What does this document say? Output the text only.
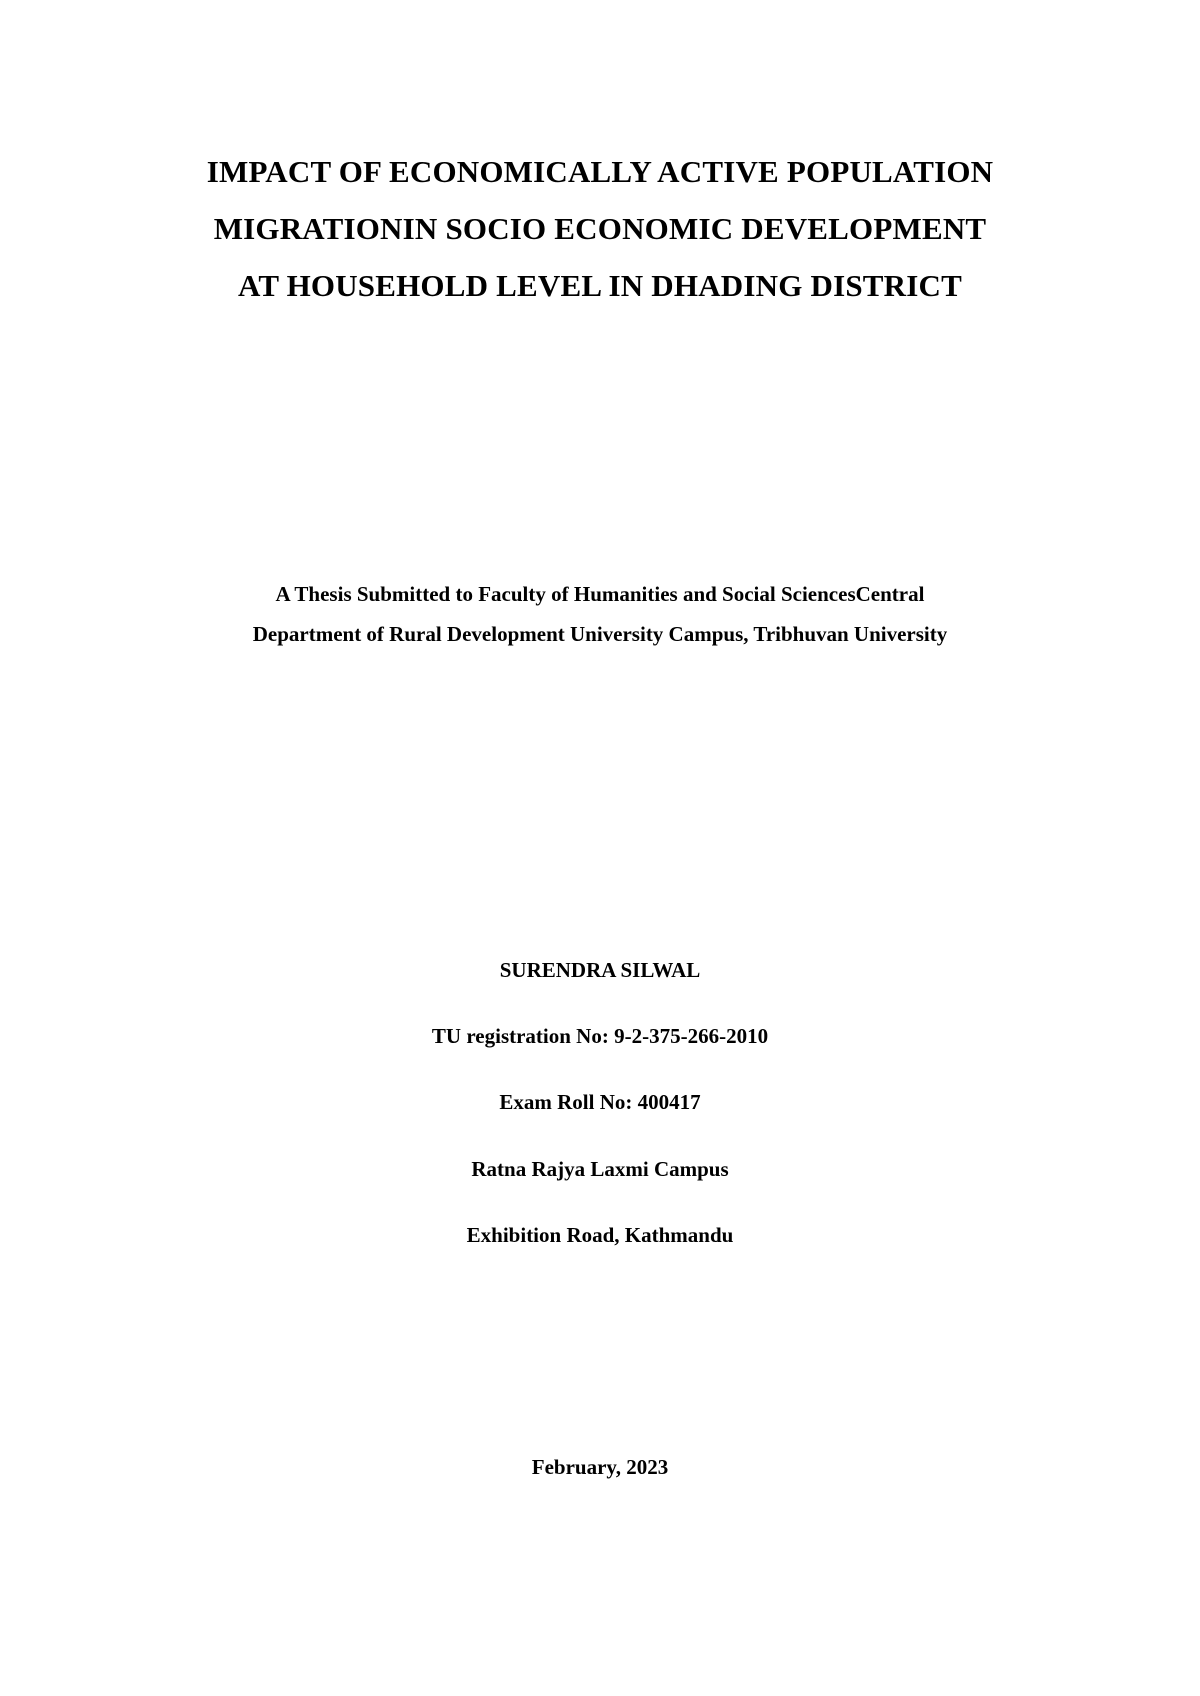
IMPACT OF ECONOMICALLY ACTIVE POPULATION
MIGRATIONIN SOCIO ECONOMIC DEVELOPMENT
AT HOUSEHOLD LEVEL IN DHADING DISTRICT
A Thesis Submitted to Faculty of Humanities and Social SciencesCentral
Department of Rural Development University Campus, Tribhuvan University
SURENDRA SILWAL
TU registration No: 9-2-375-266-2010
Exam Roll No: 400417
Ratna Rajya Laxmi Campus
Exhibition Road, Kathmandu
February, 2023
